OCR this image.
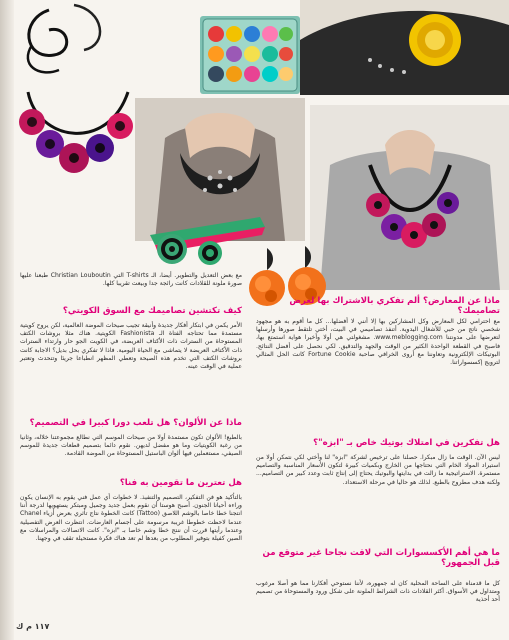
مع بعض التعديل والتطوير. أيضا، الـ T-shirts التي Christian Louboutin طبعنا عليها صورة ملونة للقلادات كانت رائجة جدا وبيعت تقريبا كلها.
كيف تكتشين تصاميمك مع السوق الكويتي؟
الأمر يكمن في ابتكار أفكار جديدة وأنيقة تجيب صيحات الموضة العالمية، لكن يروح كويتية مستمدة مما تحتاجه الفتاة الـ Fashionista الكويتية. هناك مثلا بروشات الكتف المستوحاة من السترات ذات الأكتاف العريضة، في الكويت الجو حار وارتداء السترات ذات الأكتاف العريضة لا يتماشى مع الحياة اليومية. فاذا لا تفكري بحل بديل؟ الاجابة كانت بروشات الكتف التي تخدم هذه الصيحة وتعطي المظهر انطباعا جريئا وتتحدث وتعتبر عملية في الوقت عينه.
ماذا عن الألوان؟ هل تلعب دورا كبيرا في التصميم؟
بالطبع! الألوان تكون مستمدة أولا من صيحات الموسم التي نطالع مجموعتنا خلاله، وثانيا من رغبة الكويتيات وما هو مفضل لديهن. نقوم دائما بتصميم قطعات جديدة للموسم الصيفي، مستعملين فيها ألوان الباستيل المستوحاة من الموضة القادمة.
هل تعترين ما تقومين به فنا؟
بالتأكيد هو فن التفكير، التصميم والتنفيذ. لا خطوات أي عمل فني يقوم به الإنسان يكون وراءه أحيانا الجنون. أصبح هوستا أن نقوم بعمل جديد وجميل ومبتكر يستهويها لدرجة أننا انتجنا خطا خاصا بالوشم اللاصق (Tattoo) كانت الخطوة نتاج تأثري بعرض أزياء Chanel عندما لاحظت خطوطا غريبة مرسومة على أجسام العارضات. انتظرت العرض التفصيلية وعندما رأيتها قررت أن ننتج خطا وشم خاصا بـ "ابزه". كانت الاتصالات والمراسلات مع الصين كفيلة بتوفير المطلوب من بعدها لم تعد هناك فكرة مستحيلة تقف في وجهنا.
ماذا عن المعارض؟ ألم تفكري بالاشتراك بها لعرض تصاميمك؟
مع احترامي لكل المعارض وكل المشاركين بها إلا أنني لا أفضلها... كل ما أقوم به هو مجهود شخصي ناتج من حبي للأشغال اليدوية. أتنفذ تصاميمي في البيت، أختي تلتقط صورها وأرسلها لتعرضها على مدونتنا www.meblogging.com. مشغولتي هي أولا وأخيرا هواية استمتع بها، فاصبح في القطعة الواحدة الكثير من الوقت والجهد والتدقيق. لكي نحصل على أفضل النتائج. البوتيكات الإلكترونية وتعاوننا مع أروى الخرافي صاحبة Fortune Cookie كانت الحل المثالي لترويج إكسسواراتنا.
هل تفكرين في امتلاك بوتيك خاص بـ "ابزه"؟
ليس الآن. الوقت ما زال مبكرا. حصلنا على ترخيص لشركة "ابزه" لنا وأختي لكي نتمكن أولا من استيراد المواد الخام التي نحتاجها من الخارج وبكميات كبيرة لتكون الأسعار المناسبة والتصاميم مستمرة. الاستراتيجية ما زالت في بدايتها والبوتيك يحتاج إلى إنتاج ثابت وعدد كبير من التصاميم... ولكنه هدف مطروح بالطبع. لذلك هو حاليا في مرحلة الاستعداد.
ما هي أهم الأكسسوارات التي لاقت نجاحا غير متوقع من قبل الجمهور؟
كل ما قدمناه على الساحة المحلية كان له جمهوره، لأننا نستوحي أفكارنا مما هو أصلا مرغوب ومتداول في الأسواق. أكثر القلادات ذات الشرائط الملونة على شكل ورود والمستوحاة من تصميم أحد أحذية
١١٧ م ك
